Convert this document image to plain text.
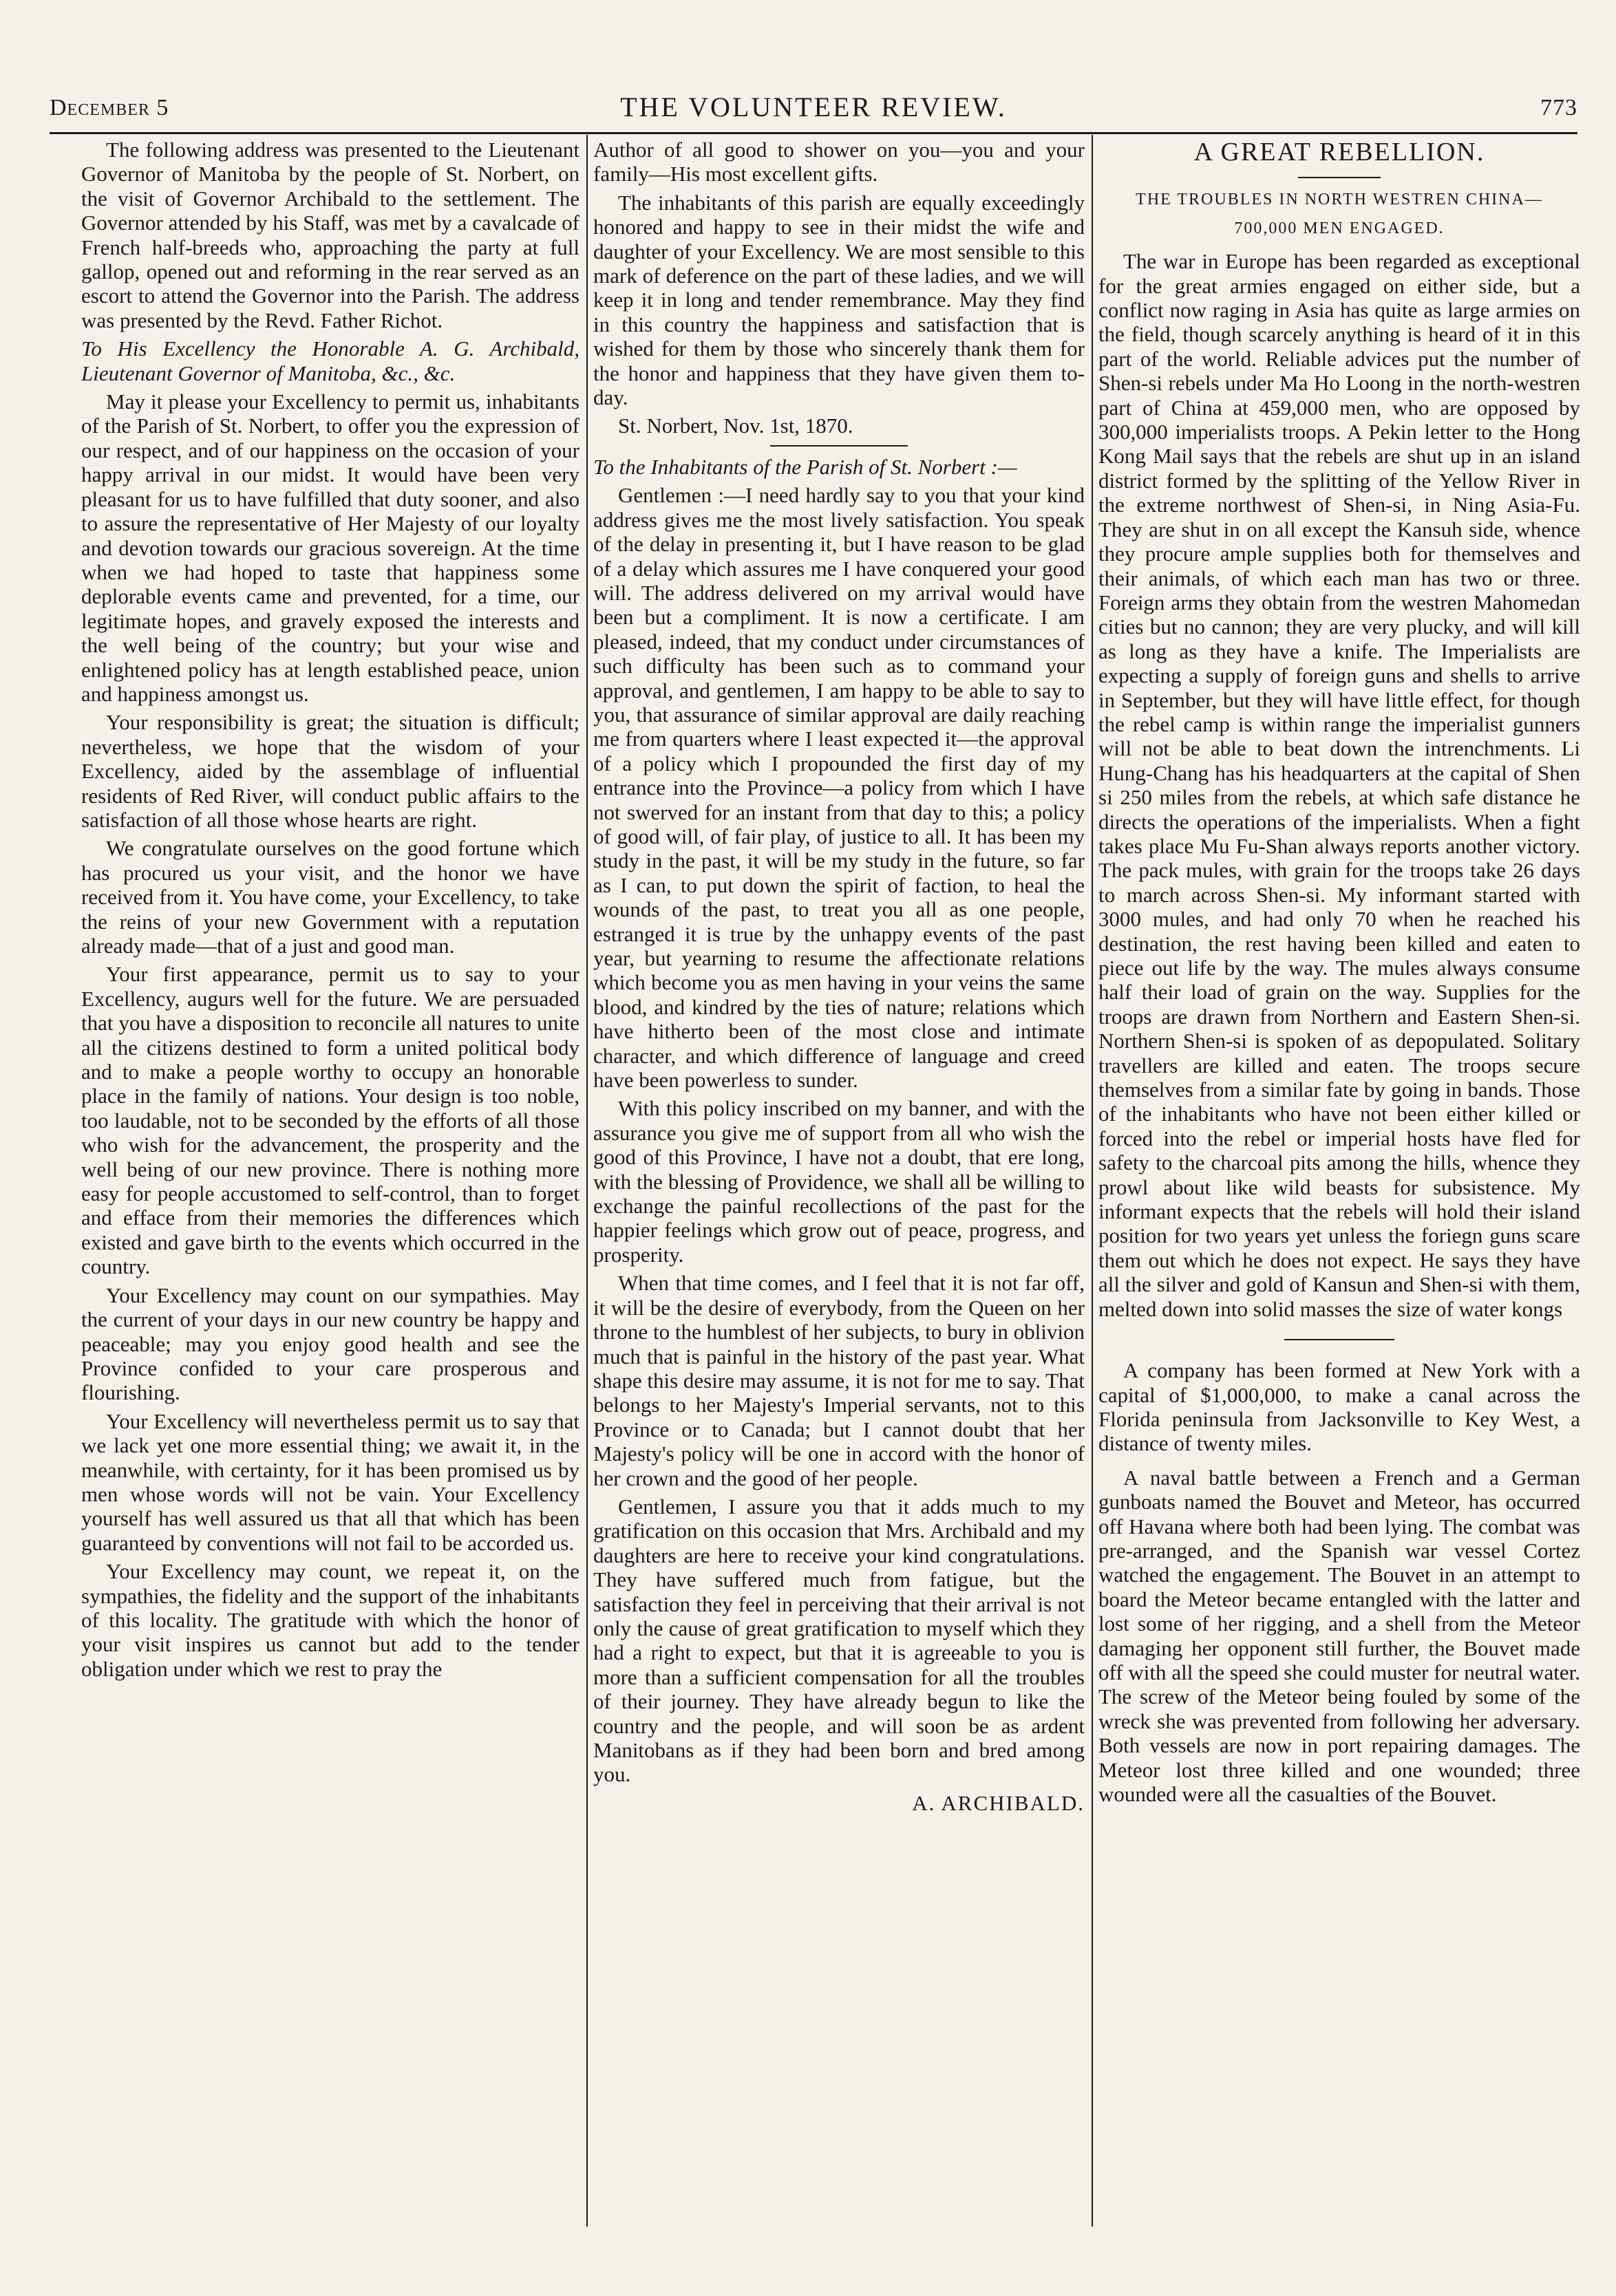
December 5	THE VOLUNTEER REVIEW.	773

The following address was presented to the Lieutenant Governor of Manitoba by the people of St. Norbert, on the visit of Governor Archibald to the settlement. The Governor attended by his Staff, was met by a cavalcade of French half-breeds who, approaching the party at full gallop, opened out and reforming in the rear served as an escort to attend the Governor into the Parish. The address was presented by the Revd. Father Richot.

To His Excellency the Honorable A. G. Archibald, Lieutenant Governor of Manitoba, &c., &c.

May it please your Excellency to permit us, inhabitants of the Parish of St. Norbert, to offer you the expression of our respect, and of our happiness on the occasion of your happy arrival in our midst. It would have been very pleasant for us to have fulfilled that duty sooner, and also to assure the representative of Her Majesty of our loyalty and devotion towards our gracious sovereign. At the time when we had hoped to taste that happiness some deplorable events came and prevented, for a time, our legitimate hopes, and gravely exposed the interests and the well being of the country; but your wise and enlightened policy has at length established peace, union and happiness amongst us.

Your responsibility is great; the situation is difficult; nevertheless, we hope that the wisdom of your Excellency, aided by the assemblage of influential residents of Red River, will conduct public affairs to the satisfaction of all those whose hearts are right.

We congratulate ourselves on the good fortune which has procured us your visit, and the honor we have received from it. You have come, your Excellency, to take the reins of your new Government with a reputation already made—that of a just and good man.

Your first appearance, permit us to say to your Excellency, augurs well for the future. We are persuaded that you have a disposition to reconcile all natures to unite all the citizens destined to form a united political body and to make a people worthy to occupy an honorable place in the family of nations. Your design is too noble, too laudable, not to be seconded by the efforts of all those who wish for the advancement, the prosperity and the well being of our new province. There is nothing more easy for people accustomed to self-control, than to forget and efface from their memories the differences which existed and gave birth to the events which occurred in the country.

Your Excellency may count on our sympathies. May the current of your days in our new country be happy and peaceable; may you enjoy good health and see the Province confided to your care prosperous and flourishing.

Your Excellency will nevertheless permit us to say that we lack yet one more essential thing; we await it, in the meanwhile, with certainty, for it has been promised us by men whose words will not be vain. Your Excellency yourself has well assured us that all that which has been guaranteed by conventions will not fail to be accorded us.

Your Excellency may count, we repeat it, on the sympathies, the fidelity and the support of the inhabitants of this locality. The gratitude with which the honor of your visit inspires us cannot but add to the tender obligation under which we rest to pray the

Author of all good to shower on you—you and your family—His most excellent gifts.

The inhabitants of this parish are equally exceedingly honored and happy to see in their midst the wife and daughter of your Excellency. We are most sensible to this mark of deference on the part of these ladies, and we will keep it in long and tender remembrance. May they find in this country the happiness and satisfaction that is wished for them by those who sincerely thank them for the honor and happiness that they have given them to-day.

St. Norbert, Nov. 1st, 1870.

To the Inhabitants of the Parish of St. Norbert :—

Gentlemen :—I need hardly say to you that your kind address gives me the most lively satisfaction. You speak of the delay in presenting it, but I have reason to be glad of a delay which assures me I have conquered your good will. The address delivered on my arrival would have been but a compliment. It is now a certificate. I am pleased, indeed, that my conduct under circumstances of such difficulty has been such as to command your approval, and gentlemen, I am happy to be able to say to you, that assurance of similar approval are daily reaching me from quarters where I least expected it—the approval of a policy which I propounded the first day of my entrance into the Province—a policy from which I have not swerved for an instant from that day to this; a policy of good will, of fair play, of justice to all. It has been my study in the past, it will be my study in the future, so far as I can, to put down the spirit of faction, to heal the wounds of the past, to treat you all as one people, estranged it is true by the unhappy events of the past year, but yearning to resume the affectionate relations which become you as men having in your veins the same blood, and kindred by the ties of nature; relations which have hitherto been of the most close and intimate character, and which difference of language and creed have been powerless to sunder.

With this policy inscribed on my banner, and with the assurance you give me of support from all who wish the good of this Province, I have not a doubt, that ere long, with the blessing of Providence, we shall all be willing to exchange the painful recollections of the past for the happier feelings which grow out of peace, progress, and prosperity.

When that time comes, and I feel that it is not far off, it will be the desire of everybody, from the Queen on her throne to the humblest of her subjects, to bury in oblivion much that is painful in the history of the past year. What shape this desire may assume, it is not for me to say. That belongs to her Majesty's Imperial servants, not to this Province or to Canada; but I cannot doubt that her Majesty's policy will be one in accord with the honor of her crown and the good of her people.

Gentlemen, I assure you that it adds much to my gratification on this occasion that Mrs. Archibald and my daughters are here to receive your kind congratulations. They have suffered much from fatigue, but the satisfaction they feel in perceiving that their arrival is not only the cause of great gratification to myself which they had a right to expect, but that it is agreeable to you is more than a sufficient compensation for all the troubles of their journey. They have already begun to like the country and the people, and will soon be as ardent Manitobans as if they had been born and bred among you.

A. ARCHIBALD.

A GREAT REBELLION.
THE TROUBLES IN NORTH WESTREN CHINA—
700,000 MEN ENGAGED.

The war in Europe has been regarded as exceptional for the great armies engaged on either side, but a conflict now raging in Asia has quite as large armies on the field, though scarcely anything is heard of it in this part of the world. Reliable advices put the number of Shen-si rebels under Ma Ho Loong in the north-westren part of China at 459,000 men, who are opposed by 300,000 imperialists troops. A Pekin letter to the Hong Kong Mail says that the rebels are shut up in an island district formed by the splitting of the Yellow River in the extreme northwest of Shen-si, in Ning Asia-Fu. They are shut in on all except the Kansuh side, whence they procure ample supplies both for themselves and their animals, of which each man has two or three. Foreign arms they obtain from the westren Mahomedan cities but no cannon; they are very plucky, and will kill as long as they have a knife. The Imperialists are expecting a supply of foreign guns and shells to arrive in September, but they will have little effect, for though the rebel camp is within range the imperialist gunners will not be able to beat down the intrenchments. Li Hung-Chang has his headquarters at the capital of Shen si 250 miles from the rebels, at which safe distance he directs the operations of the imperialists. When a fight takes place Mu Fu-Shan always reports another victory. The pack mules, with grain for the troops take 26 days to march across Shen-si. My informant started with 3000 mules, and had only 70 when he reached his destination, the rest having been killed and eaten to piece out life by the way. The mules always consume half their load of grain on the way. Supplies for the troops are drawn from Northern and Eastern Shen-si. Northern Shen-si is spoken of as depopulated. Solitary travellers are killed and eaten. The troops secure themselves from a similar fate by going in bands. Those of the inhabitants who have not been either killed or forced into the rebel or imperial hosts have fled for safety to the charcoal pits among the hills, whence they prowl about like wild beasts for subsistence. My informant expects that the rebels will hold their island position for two years yet unless the foriegn guns scare them out which he does not expect. He says they have all the silver and gold of Kansun and Shen-si with them, melted down into solid masses the size of water kongs

A company has been formed at New York with a capital of $1,000,000, to make a canal across the Florida peninsula from Jacksonville to Key West, a distance of twenty miles.

A naval battle between a French and a German gunboats named the Bouvet and Meteor, has occurred off Havana where both had been lying. The combat was pre-arranged, and the Spanish war vessel Cortez watched the engagement. The Bouvet in an attempt to board the Meteor became entangled with the latter and lost some of her rigging, and a shell from the Meteor damaging her opponent still further, the Bouvet made off with all the speed she could muster for neutral water. The screw of the Meteor being fouled by some of the wreck she was prevented from following her adversary. Both vessels are now in port repairing damages. The Meteor lost three killed and one wounded; three wounded were all the casualties of the Bouvet.
